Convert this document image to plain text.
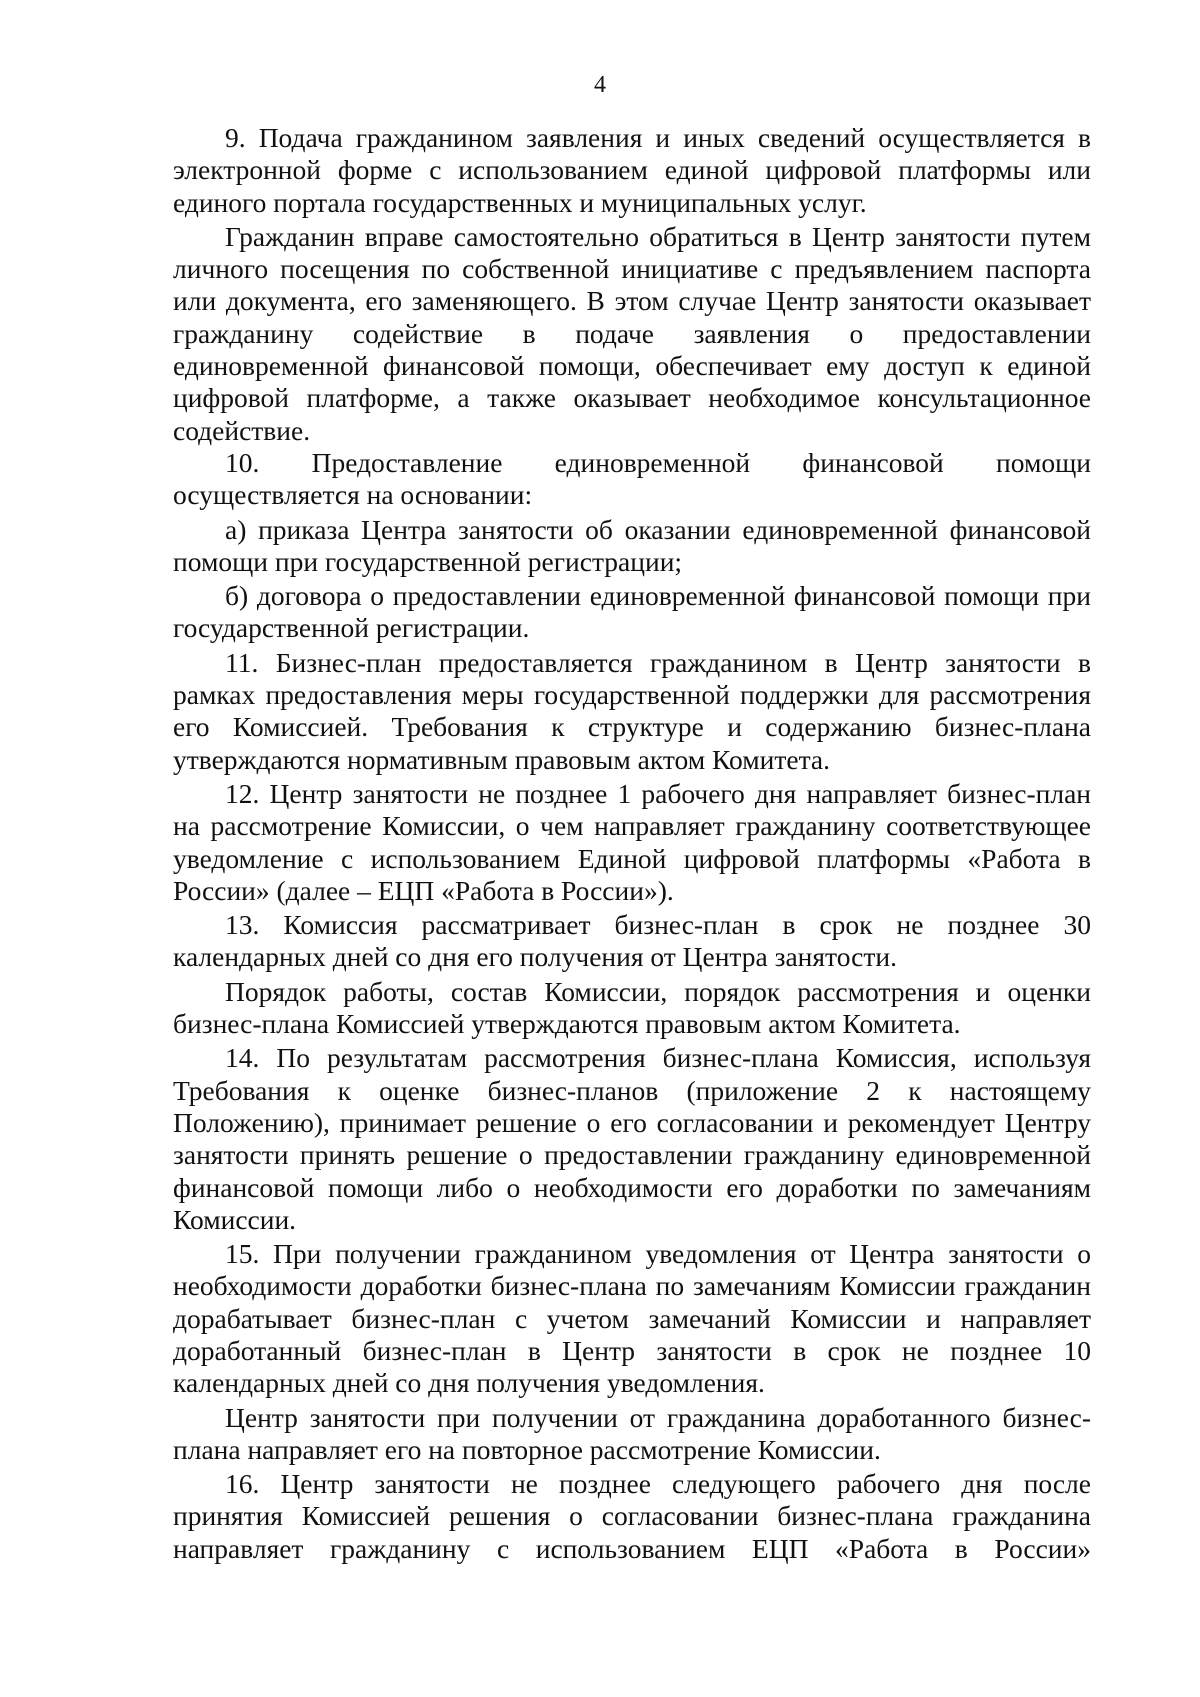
4

9. Подача гражданином заявления и иных сведений осуществляется в электронной форме с использованием единой цифровой платформы или единого портала государственных и муниципальных услуг.

Гражданин вправе самостоятельно обратиться в Центр занятости путем личного посещения по собственной инициативе с предъявлением паспорта или документа, его заменяющего. В этом случае Центр занятости оказывает гражданину содействие в подаче заявления о предоставлении единовременной финансовой помощи, обеспечивает ему доступ к единой цифровой платформе, а также оказывает необходимое консультационное содействие.

10. Предоставление единовременной финансовой помощи осуществляется на основании:

а) приказа Центра занятости об оказании единовременной финансовой помощи при государственной регистрации;

б) договора о предоставлении единовременной финансовой помощи при государственной регистрации.

11. Бизнес-план предоставляется гражданином в Центр занятости в рамках предоставления меры государственной поддержки для рассмотрения его Комиссией. Требования к структуре и содержанию бизнес-плана утверждаются нормативным правовым актом Комитета.

12. Центр занятости не позднее 1 рабочего дня направляет бизнес-план на рассмотрение Комиссии, о чем направляет гражданину соответствующее уведомление с использованием Единой цифровой платформы «Работа в России» (далее – ЕЦП «Работа в России»).

13. Комиссия рассматривает бизнес-план в срок не позднее 30 календарных дней со дня его получения от Центра занятости.

Порядок работы, состав Комиссии, порядок рассмотрения и оценки бизнес-плана Комиссией утверждаются правовым актом Комитета.

14. По результатам рассмотрения бизнес-плана Комиссия, используя Требования к оценке бизнес-планов (приложение 2 к настоящему Положению), принимает решение о его согласовании и рекомендует Центру занятости принять решение о предоставлении гражданину единовременной финансовой помощи либо о необходимости его доработки по замечаниям Комиссии.

15. При получении гражданином уведомления от Центра занятости о необходимости доработки бизнес-плана по замечаниям Комиссии гражданин дорабатывает бизнес-план с учетом замечаний Комиссии и направляет доработанный бизнес-план в Центр занятости в срок не позднее 10 календарных дней со дня получения уведомления.

Центр занятости при получении от гражданина доработанного бизнес-плана направляет его на повторное рассмотрение Комиссии.

16. Центр занятости не позднее следующего рабочего дня после принятия Комиссией решения о согласовании бизнес-плана гражданина направляет гражданину с использованием ЕЦП «Работа в России»
